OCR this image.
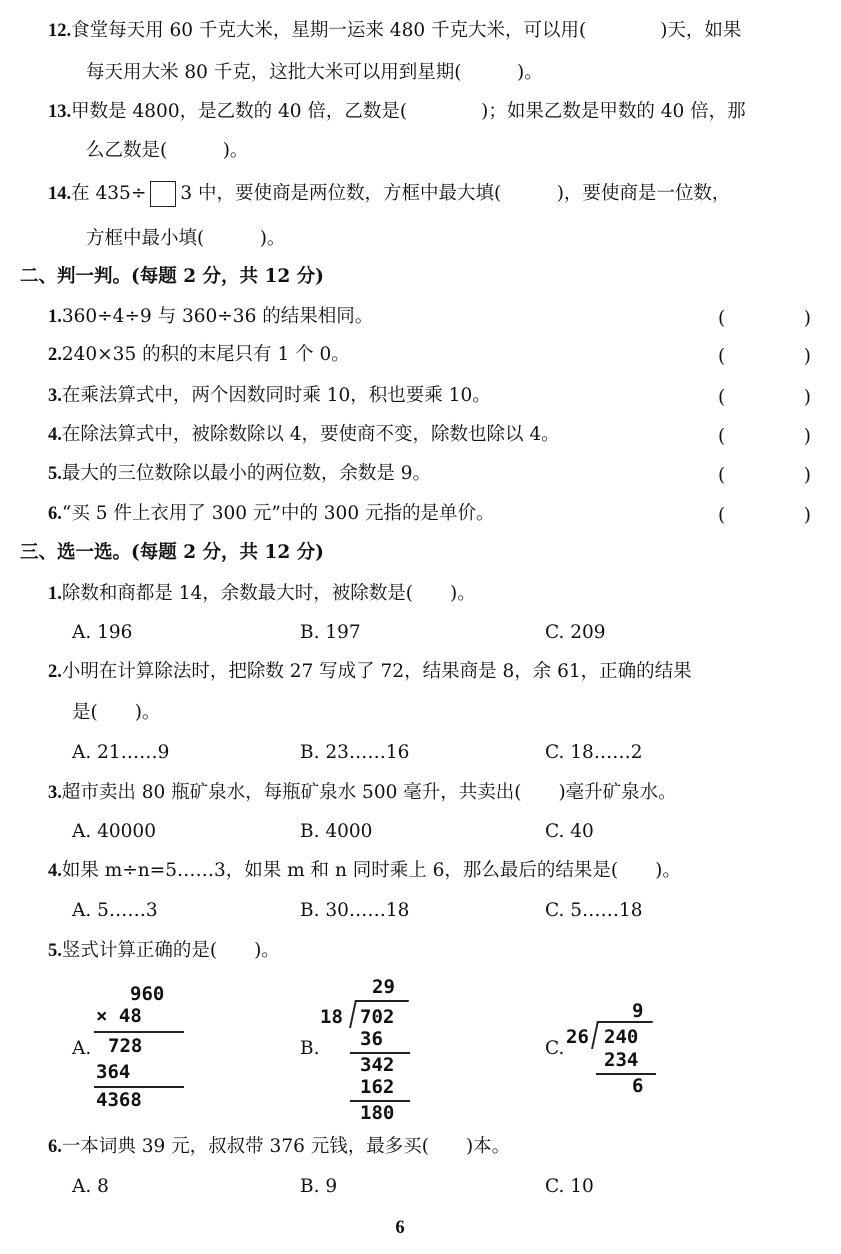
12.食堂每天用 60 千克大米，星期一运来 480 千克大米，可以用(　　　　)天，如果
每天用大米 80 千克，这批大米可以用到星期(　　　)。
13.甲数是 4800，是乙数的 40 倍，乙数是(　　　　)；如果乙数是甲数的 40 倍，那
么乙数是(　　　)。
14.在 435÷ 3 中，要使商是两位数，方框中最大填(　　　)，要使商是一位数，
方框中最小填(　　　)。
二、判一判。(每题 2 分，共 12 分)
1.360÷4÷9 与 360÷36 的结果相同。	(　)
2.240×35 的积的末尾只有 1 个 0。	(　)
3.在乘法算式中，两个因数同时乘 10，积也要乘 10。	(　)
4.在除法算式中，被除数除以 4，要使商不变，除数也除以 4。	(　)
5.最大的三位数除以最小的两位数，余数是 9。	(　)
6.“买 5 件上衣用了 300 元”中的 300 元指的是单价。	(　)
三、选一选。(每题 2 分，共 12 分)
1.除数和商都是 14，余数最大时，被除数是(　　)。
A. 196	B. 197	C. 209
2.小明在计算除法时，把除数 27 写成了 72，结果商是 8，余 61，正确的结果
是(　　)。
A. 21……9	B. 23……16	C. 18……2
3.超市卖出 80 瓶矿泉水，每瓶矿泉水 500 毫升，共卖出(　　)毫升矿泉水。
A. 40000	B. 4000	C. 40
4.如果 m÷n=5……3，如果 m 和 n 同时乘上 6，那么最后的结果是(　　)。
A. 5……3	B. 30……18	C. 5……18
5.竖式计算正确的是(　　)。
A.
960
× 48
728
364
4368
B.
29
18 702
36
342
162
180
C.
9
26 240
234
6
6.一本词典 39 元，叔叔带 376 元钱，最多买(　　)本。
A. 8	B. 9	C. 10
6
